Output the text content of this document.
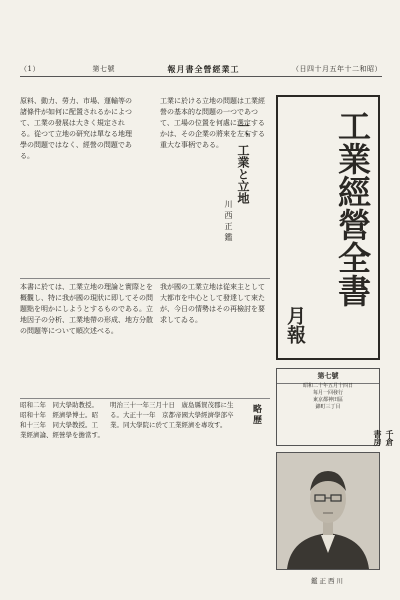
（1）	第七號	報月書全營經業工	（日四十月五年十二和昭）
工業經營全書
月報
第七號
昭和二十年五月十四日
每月一回發行
東京都神田區
錦町三丁目
千倉書房
一、工業と立地
川西正鑑
工業に於ける立地の問題は工業經營の基本的な問題の一つであつて、工場の位置を何處に選定するかは、その企業の將來を左右する重大な事柄である。
原料、動力、勞力、市場、運輸等の諸條件が如何に配置されるかによつて、工業の發展は大きく規定される。從つて立地の研究は單なる地理學の問題ではなく、經營の問題である。
我が國の工業立地は從來主として大都市を中心として發達して來たが、今日の情勢はその再檢討を要求してゐる。
本書に於ては、工業立地の理論と實際とを概觀し、特に我が國の現狀に即してその問題點を明かにしようとするものである。立地因子の分析、工業地帶の形成、地方分散の問題等について順次述べる。
略歷
明治三十一年三月十日　廣島縣賀茂郡に生る。大正十一年　京都帝國大學經濟學部卒業。同大學院に於て工業經濟を專攻す。
昭和二年　同大學助教授。昭和十年　經濟學博士。昭和十三年　同大學教授。工業經濟論、經營學を擔當す。
鑑正西川
